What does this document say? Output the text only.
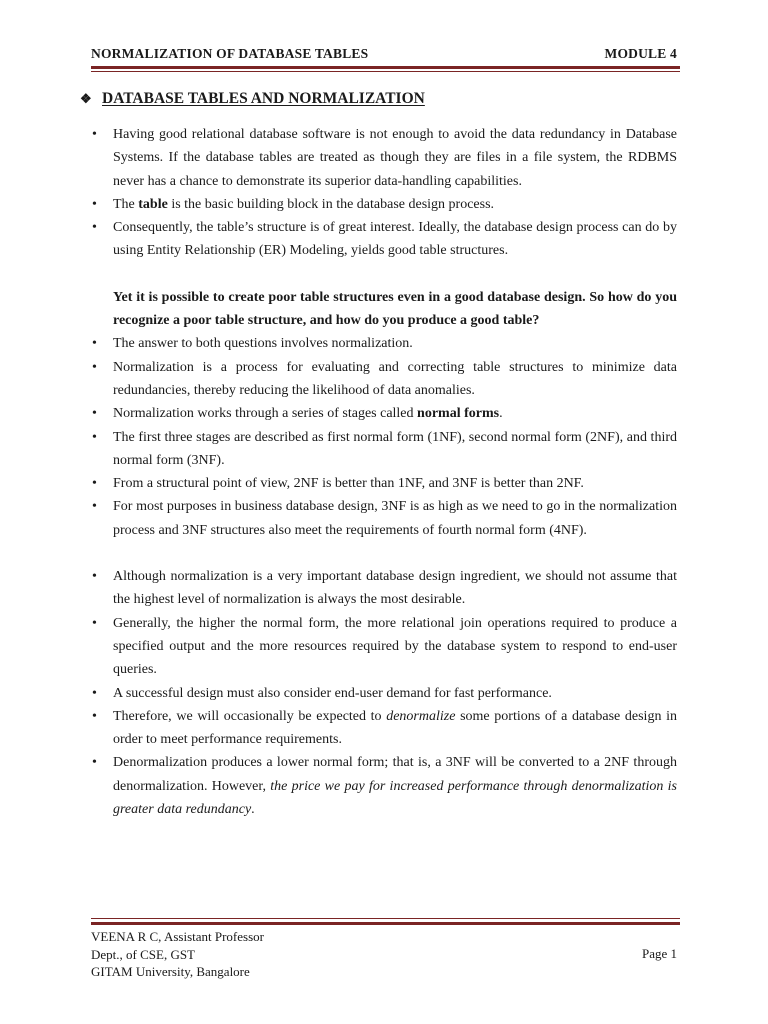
NORMALIZATION OF DATABASE TABLES	MODULE 4
❖ DATABASE TABLES AND NORMALIZATION

• Having good relational database software is not enough to avoid the data redundancy in Database Systems. If the database tables are treated as though they are files in a file system, the RDBMS never has a chance to demonstrate its superior data-handling capabilities.

• The table is the basic building block in the database design process.

• Consequently, the table’s structure is of great interest. Ideally, the database design process can do by using Entity Relationship (ER) Modeling, yields good table structures.

Yet it is possible to create poor table structures even in a good database design. So how do you recognize a poor table structure, and how do you produce a good table?

• The answer to both questions involves normalization.

• Normalization is a process for evaluating and correcting table structures to minimize data redundancies, thereby reducing the likelihood of data anomalies.

• Normalization works through a series of stages called normal forms.

• The first three stages are described as first normal form (1NF), second normal form (2NF), and third normal form (3NF).

• From a structural point of view, 2NF is better than 1NF, and 3NF is better than 2NF.

• For most purposes in business database design, 3NF is as high as we need to go in the normalization process and 3NF structures also meet the requirements of fourth normal form (4NF).

• Although normalization is a very important database design ingredient, we should not assume that the highest level of normalization is always the most desirable.

• Generally, the higher the normal form, the more relational join operations required to produce a specified output and the more resources required by the database system to respond to end-user queries.

• A successful design must also consider end-user demand for fast performance.

• Therefore, we will occasionally be expected to denormalize some portions of a database design in order to meet performance requirements.

• Denormalization produces a lower normal form; that is, a 3NF will be converted to a 2NF through denormalization. However, the price we pay for increased performance through denormalization is greater data redundancy.

VEENA R C, Assistant Professor
Dept., of CSE, GST
GITAM University, Bangalore
Page 1
